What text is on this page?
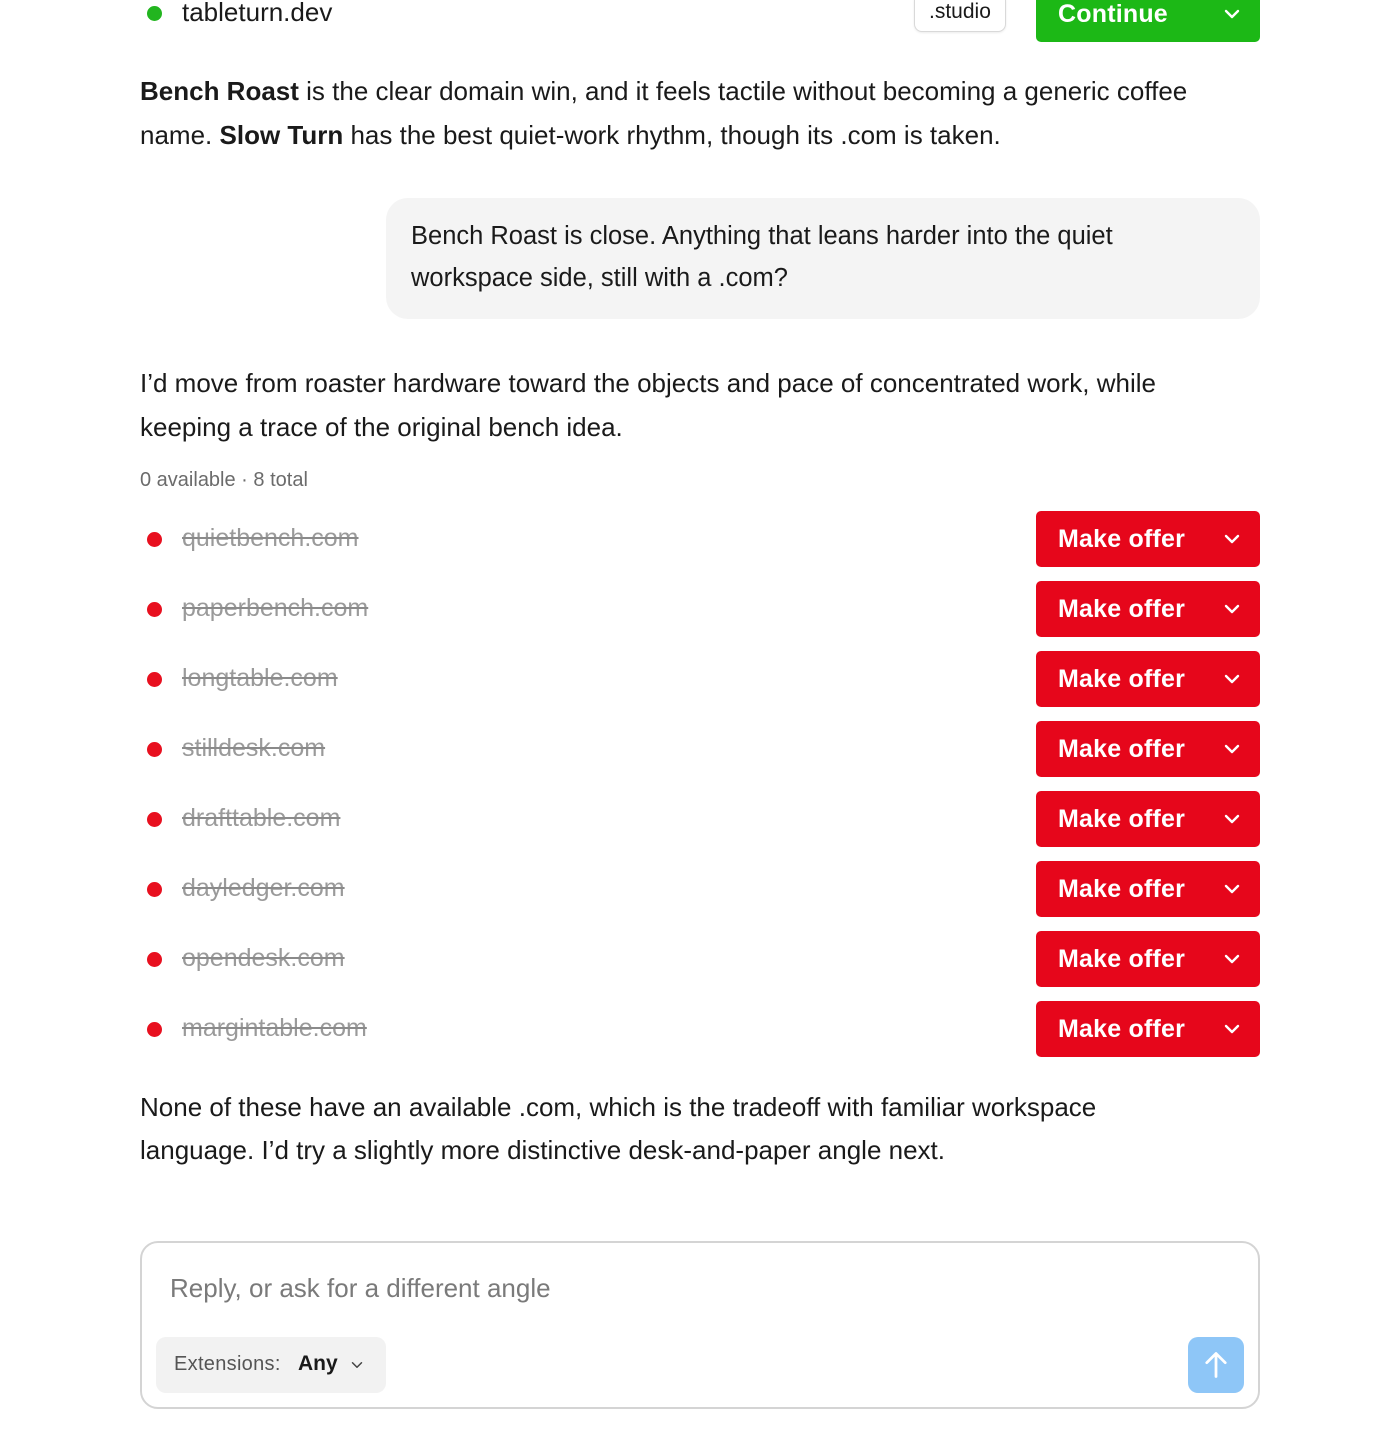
tableturn.dev	.studio	Continue

Bench Roast is the clear domain win, and it feels tactile without becoming a generic coffee name. Slow Turn has the best quiet-work rhythm, though its .com is taken.

Bench Roast is close. Anything that leans harder into the quiet workspace side, still with a .com?

I’d move from roaster hardware toward the objects and pace of concentrated work, while keeping a trace of the original bench idea.

0 available · 8 total
quietbench.com	Make offer
paperbench.com	Make offer
longtable.com	Make offer
stilldesk.com	Make offer
drafttable.com	Make offer
dayledger.com	Make offer
opendesk.com	Make offer
margintable.com	Make offer

None of these have an available .com, which is the tradeoff with familiar workspace language. I’d try a slightly more distinctive desk-and-paper angle next.

Reply, or ask for a different angle
Extensions: Any
